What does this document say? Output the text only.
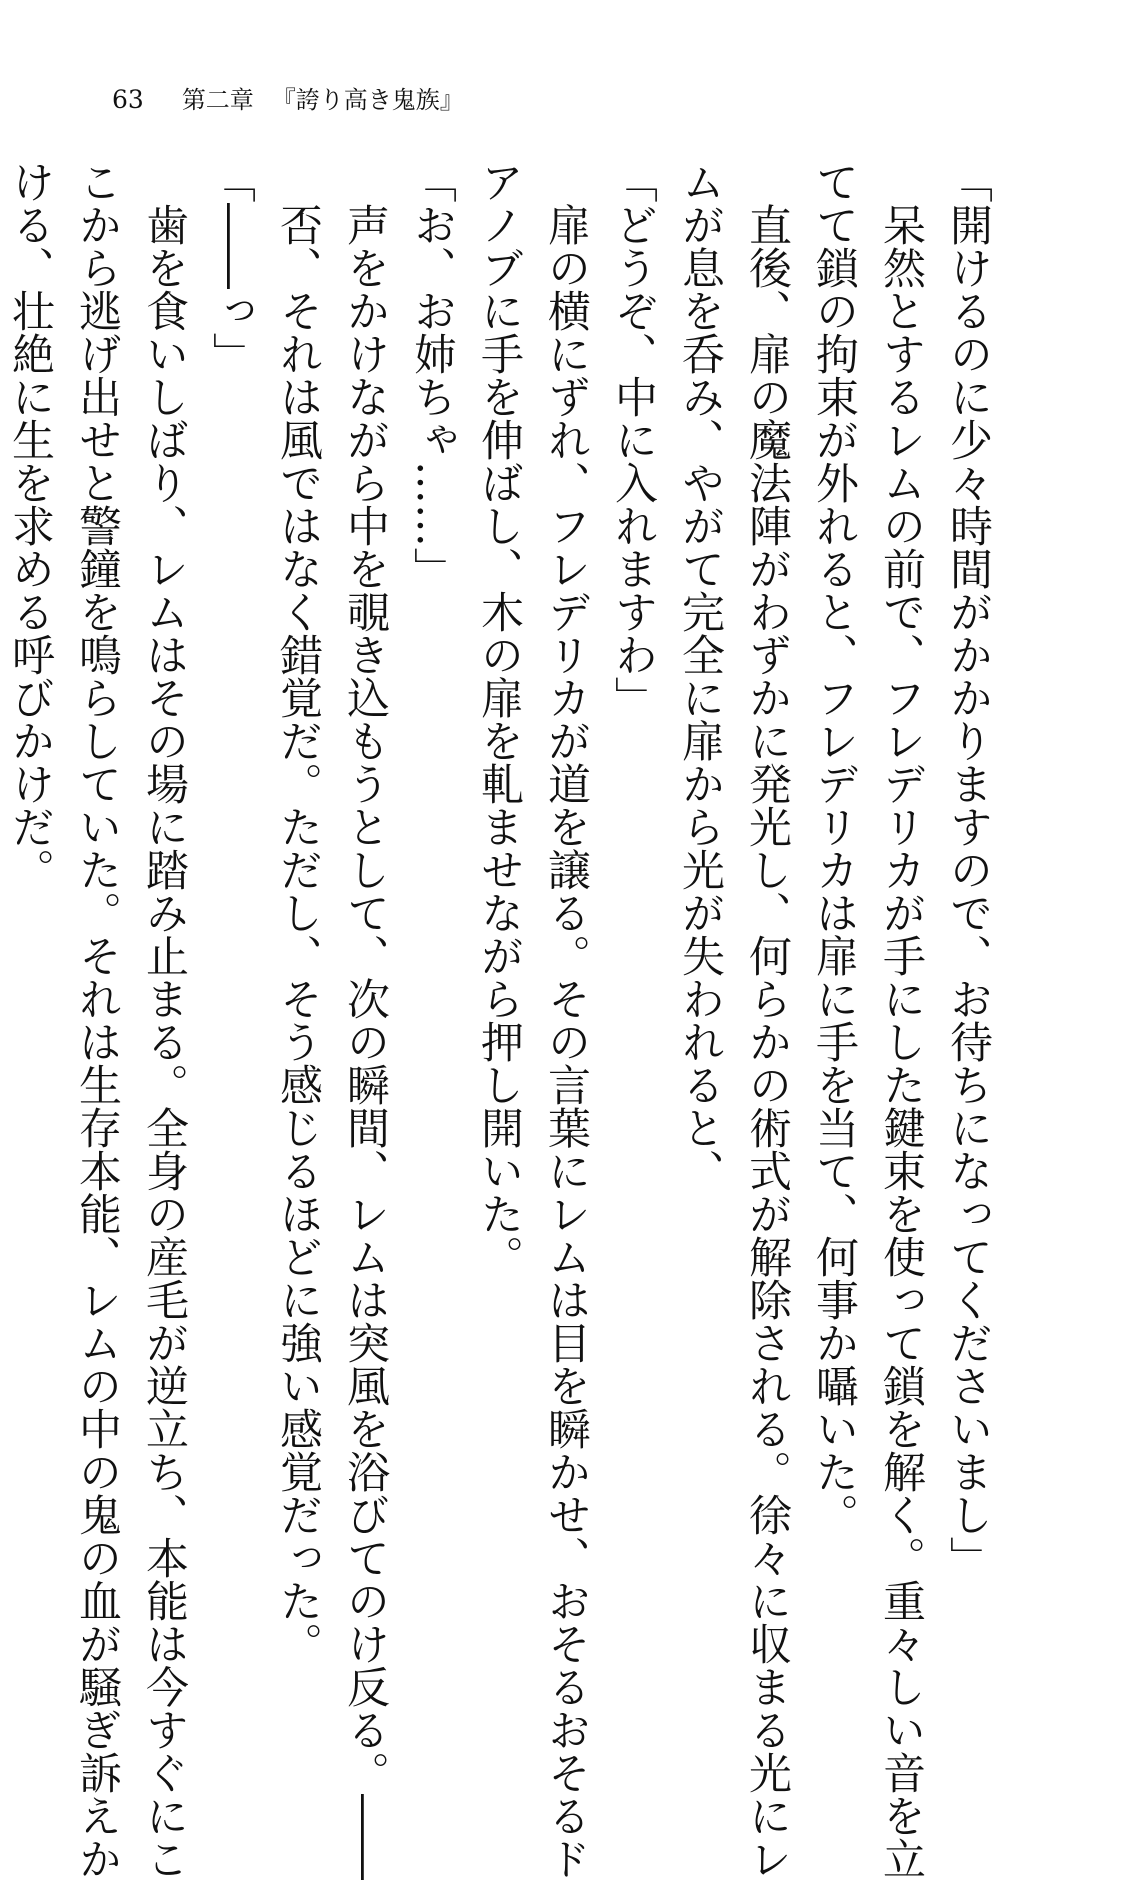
63 第二章 『誇り高き鬼族』

「開けるのに少々時間がかかりますので、お待ちになってくださいまし」

　呆然とするレムの前で、フレデリカが手にした鍵束を使って鎖を解く。重々しい音を立

てて鎖の拘束が外れると、フレデリカは扉に手を当て、何事か囁いた。

　直後、扉の魔法陣がわずかに発光し、何らかの術式が解除される。徐々に収まる光にレ

ムが息を呑み、やがて完全に扉から光が失われると、

「どうぞ、中に入れますわ」

　扉の横にずれ、フレデリカが道を譲る。その言葉にレムは目を瞬かせ、おそるおそるド

アノブに手を伸ばし、木の扉を軋ませながら押し開いた。

「お、お姉ちゃ……」

　声をかけながら中を覗き込もうとして、次の瞬間、レムは突風を浴びてのけ反る。――

　否、それは風ではなく錯覚だ。ただし、そう感じるほどに強い感覚だった。

「――っ」

　歯を食いしばり、レムはその場に踏み止まる。全身の産毛が逆立ち、本能は今すぐにこ

こから逃げ出せと警鐘を鳴らしていた。それは生存本能、レムの中の鬼の血が騒ぎ訴えか

ける、壮絶に生を求める呼びかけだ。
